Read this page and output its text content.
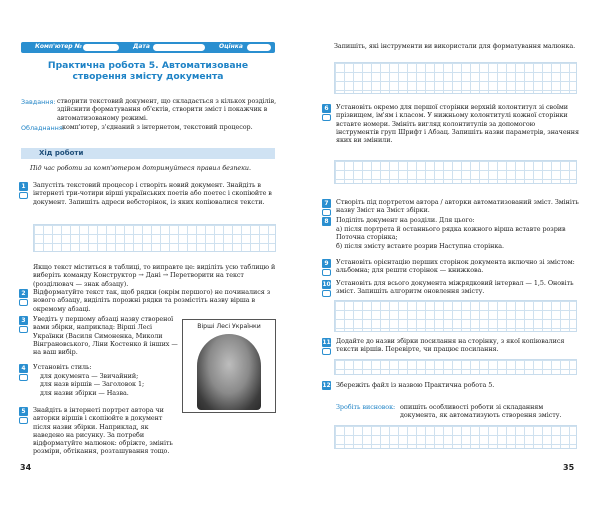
Комп'ютер №	Дата	Оцінка
Практична робота 5. Автоматизоване створення змісту документа
Завдання: створити текстовий документ, що складається з кількох розділів, здійснити форматування об'єктів, створити зміст і покажчик в автоматизованому режимі.
Обладнання:
комп'ютер, з'єднаний з інтернетом, текстовий процесор.
Хід роботи
Під час роботи за комп'ютером дотримуйтеся правил безпеки.
1	Запустіть текстовий процесор і створіть новий документ. Знайдіть в інтернеті три-чотири вірші українських поетів або поетес і скопіюйте в документ. Запишіть адреси вебсторінок, із яких копіювалися тексти.
Якщо текст міститься в таблиці, то виправте це: виділіть усю таблицю й виберіть команду Конструктор → Дані → Перетворити на текст (розділювач — знак абзацу).
2	Відформатуйте текст так, щоб рядки (окрім першого) не починалися з нового абзацу, виділіть порожні рядки та розмістіть назву вірша в окремому абзаці.
3	Уведіть у першому абзаці назву створеної вами збірки, наприклад: Вірші Лесі Українки (Василя Симоненка, Миколи Вінграновського, Ліни Костенко й інших — на ваш вибір.
4	Установіть стиль:
для документа — Звичайний;
для назв віршів — Заголовок 1;
для назви збірки — Назва.
5	Знайдіть в інтернеті портрет автора чи авторки віршів і скопіюйте в документ після назви збірки. Наприклад, як наведено на рисунку. За потреби відформатуйте малюнок: обріжте, змініть розміри, обтікання, розташування тощо.
Вірші Лесі Українки
34
Запишіть, які інструменти ви використали для форматування малюнка.
6	Установіть окремо для першої сторінки верхній колонтитул зі своїми прізвищем, ім'ям і класом. У нижньому колонтитулі кожної сторінки вставте номери. Змініть вигляд колонтитулів за допомогою інструментів груп Шрифт і Абзац. Запишіть назви параметрів, значення яких ви змінили.
7	Створіть під портретом автора / авторки автоматизований зміст. Змініть назву Зміст на Зміст збірки.
8	Поділіть документ на розділи. Для цього:
а) після портрета й останнього рядка кожного вірша вставте розрив Поточна сторінка;
б) після змісту вставте розрив Наступна сторінка.
9	Установіть орієнтацію перших сторінок документа включно зі змістом: альбомна; для решти сторінок — книжкова.
10 Установіть для всього документа міжрядковий інтервал — 1,5. Оновіть зміст. Запишіть алгоритм оновлення змісту.
11 Додайте до назви збірки посилання на сторінку, з якої копіювалися тексти віршів. Перевірте, чи працює посилання.
12 Збережіть файл із назвою Практична робота 5.
Зробіть висновок: опишіть особливості роботи зі складанням документа, як автоматизують створення змісту.
35
